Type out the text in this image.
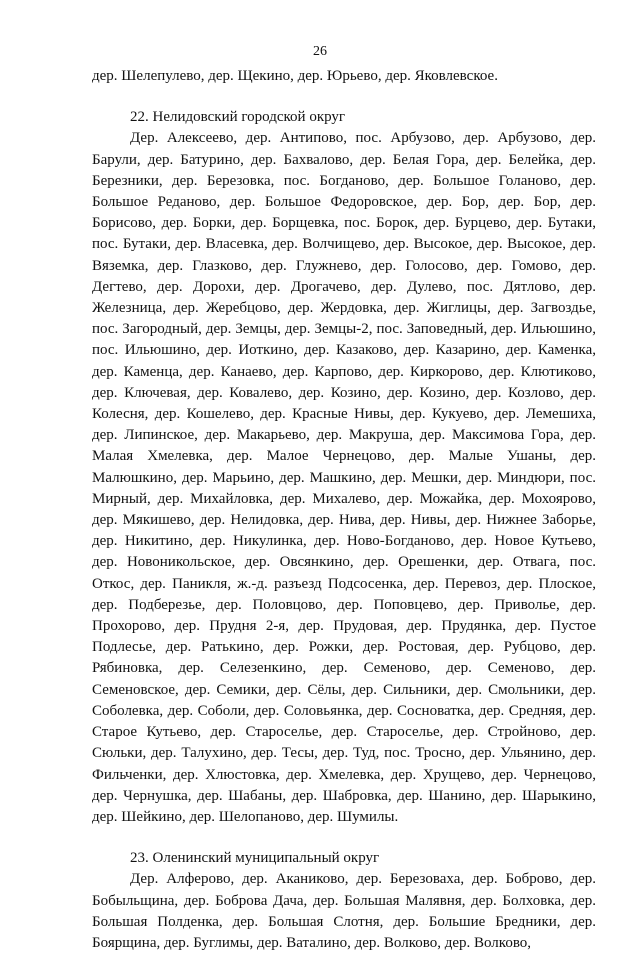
26

дер. Шелепулево, дер. Щекино, дер. Юрьево, дер. Яковлевское.

22. Нелидовский городской округ

Дер. Алексеево, дер. Антипово, пос. Арбузово, дер. Арбузово, дер. Барули, дер. Батурино, дер. Бахвалово, дер. Белая Гора, дер. Белейка, дер. Березники, дер. Березовка, пос. Богданово, дер. Большое Голаново, дер. Большое Реданово, дер. Большое Федоровское, дер. Бор, дер. Бор, дер. Борисово, дер. Борки, дер. Борщевка, пос. Борок, дер. Бурцево, дер. Бутаки, пос. Бутаки, дер. Власевка, дер. Волчищево, дер. Высокое, дер. Высокое, дер. Вяземка, дер. Глазково, дер. Глужнево, дер. Голосово, дер. Гомово, дер. Дегтево, дер. Дорохи, дер. Дрогачево, дер. Дулево, пос. Дятлово, дер. Железница, дер. Жеребцово, дер. Жердовка, дер. Жиглицы, дер. Загвоздье, пос. Загородный, дер. Земцы, дер. Земцы-2, пос. Заповедный, дер. Ильюшино, пос. Ильюшино, дер. Иоткино, дер. Казаково, дер. Казарино, дер. Каменка, дер. Каменца, дер. Канаево, дер. Карпово, дер. Киркорово, дер. Клютиково, дер. Ключевая, дер. Ковалево, дер. Козино, дер. Козино, дер. Козлово, дер. Колесня, дер. Кошелево, дер. Красные Нивы, дер. Кукуево, дер. Лемешиха, дер. Липинское, дер. Макарьево, дер. Макруша, дер. Максимова Гора, дер. Малая Хмелевка, дер. Малое Чернецово, дер. Малые Ушаны, дер. Малюшкино, дер. Марьино, дер. Машкино, дер. Мешки, дер. Миндюри, пос. Мирный, дер. Михайловка, дер. Михалево, дер. Можайка, дер. Мохоярово, дер. Мякишево, дер. Нелидовка, дер. Нива, дер. Нивы, дер. Нижнее Заборье, дер. Никитино, дер. Никулинка, дер. Ново-Богданово, дер. Новое Кутьево, дер. Новоникольское, дер. Овсянкино, дер. Орешенки, дер. Отвага, пос. Откос, дер. Паникля, ж.-д. разъезд Подсосенка, дер. Перевоз, дер. Плоское, дер. Подберезье, дер. Половцово, дер. Поповцево, дер. Приволье, дер. Прохорово, дер. Прудня 2-я, дер. Прудовая, дер. Прудянка, дер. Пустое Подлесье, дер. Ратькино, дер. Рожки, дер. Ростовая, дер. Рубцово, дер. Рябиновка, дер. Селезенкино, дер. Семеново, дер. Семеново, дер. Семеновское, дер. Семики, дер. Сёлы, дер. Сильники, дер. Смольники, дер. Соболевка, дер. Соболи, дер. Соловьянка, дер. Сосноватка, дер. Средняя, дер. Старое Кутьево, дер. Староселье, дер. Староселье, дер. Стройново, дер. Сюльки, дер. Талухино, дер. Тесы, дер. Туд, пос. Тросно, дер. Ульянино, дер. Фильченки, дер. Хлюстовка, дер. Хмелевка, дер. Хрущево, дер. Чернецово, дер. Чернушка, дер. Шабаны, дер. Шабровка, дер. Шанино, дер. Шарыкино, дер. Шейкино, дер. Шелопаново, дер. Шумилы.

23. Оленинский муниципальный округ

Дер. Алферово, дер. Аканиково, дер. Березоваха, дер. Боброво, дер. Бобыльщина, дер. Боброва Дача, дер. Большая Малявня, дер. Болховка, дер. Большая Полденка, дер. Большая Слотня, дер. Большие Бредники, дер. Боярщина, дер. Буглимы, дер. Ваталино, дер. Волково, дер. Волково,
